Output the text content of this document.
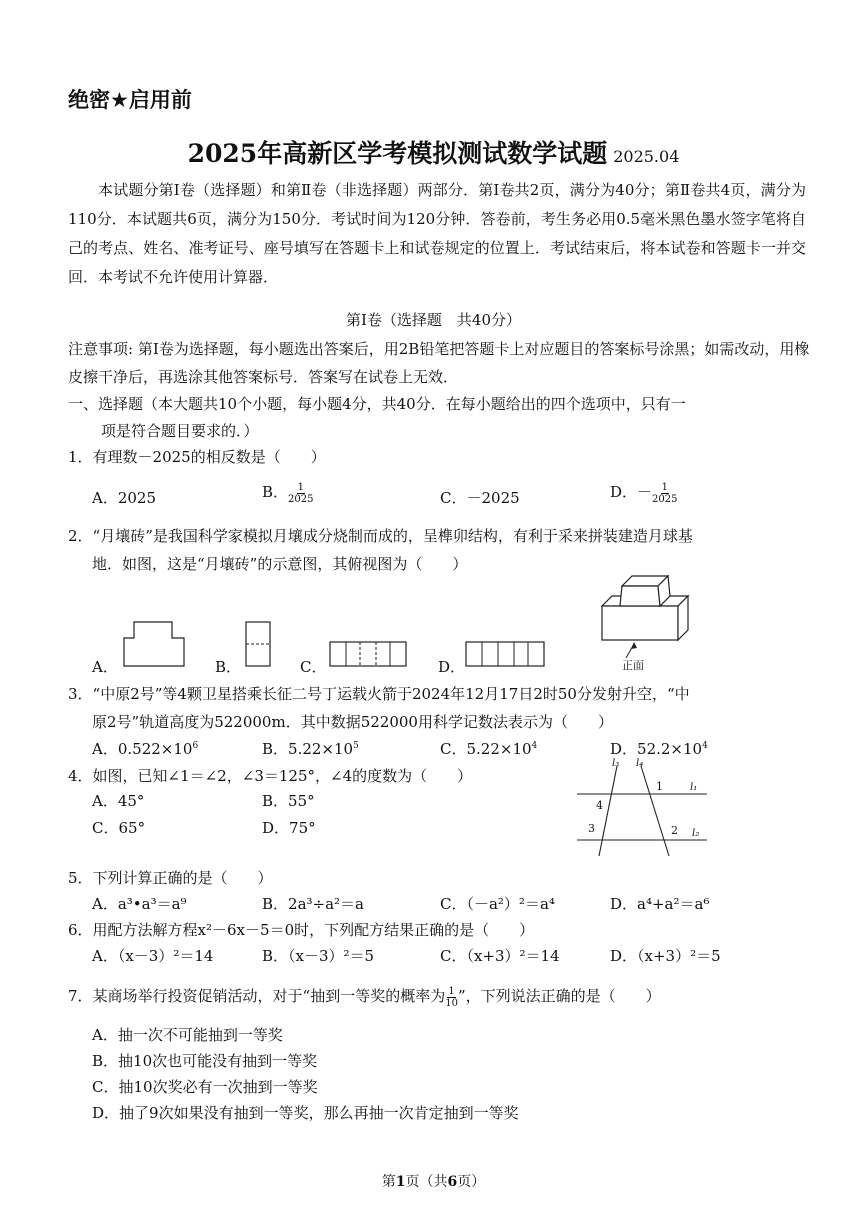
绝密★启用前
2025年高新区学考模拟测试数学试题 2025.04
本试题分第Ⅰ卷（选择题）和第Ⅱ卷（非选择题）两部分．第Ⅰ卷共2页，满分为40分；第Ⅱ卷共4页，满分为110分．本试题共6页，满分为150分．考试时间为120分钟．答卷前，考生务必用0.5毫米黑色墨水签字笔将自己的考点、姓名、准考证号、座号填写在答题卡上和试卷规定的位置上．考试结束后，将本试卷和答题卡一并交回．本考试不允许使用计算器．
第Ⅰ卷（选择题　共40分）
注意事项: 第Ⅰ卷为选择题，每小题选出答案后，用2B铅笔把答题卡上对应题目的答案标号涂黑；如需改动，用橡皮擦干净后，再选涂其他答案标号．答案写在试卷上无效．
一、选择题（本大题共10个小题，每小题4分，共40分．在每小题给出的四个选项中，只有一
项是符合题目要求的．）
1．有理数－2025的相反数是（　　）
A．2025	B． $\frac{1}{2025}$	C．－2025	D．－ $\frac{1}{2025}$
2．“月壤砖”是我国科学家模拟月壤成分烧制而成的，呈榫卯结构，有利于采来拼装建造月球基
地．如图，这是“月壤砖”的示意图，其俯视图为（　　）
A．	B．	C．	D．	正面
3．“中原2号”等4颗卫星搭乘长征二号丁运载火箭于2024年12月17日2时50分发射升空，“中
原2号”轨道高度为522000m．其中数据522000用科学记数法表示为（　　）
A．$0.522\times 10^6$	B．$5.22\times 10^5$	C．$5.22\times 10^4$	D．$52.2\times 10^4$
4．如图，已知∠1＝∠2，∠3＝125°，∠4的度数为（　　）
A．45°	B．55°
C．65°	D．75°
l₃ l₄
l₁
l₂
1
2
3
4
5．下列计算正确的是（　　）
A．a³•a³＝a⁹	B．2a³÷a²＝a	C．（－a²）²＝a⁴	D．a⁴+a²＝a⁶
6．用配方法解方程x²－6x－5＝0时，下列配方结果正确的是（　　）
A．（x－3）²＝14	B．（x－3）²＝5	C．（x+3）²＝14	D．（x+3）²＝5
7．某商场举行投资促销活动，对于“抽到一等奖的概率为 $\frac{1}{10}$ ”，下列说法正确的是（　　）
A．抽一次不可能抽到一等奖
B．抽10次也可能没有抽到一等奖
C．抽10次奖必有一次抽到一等奖
D．抽了9次如果没有抽到一等奖，那么再抽一次肯定抽到一等奖
第1页（共6页）
